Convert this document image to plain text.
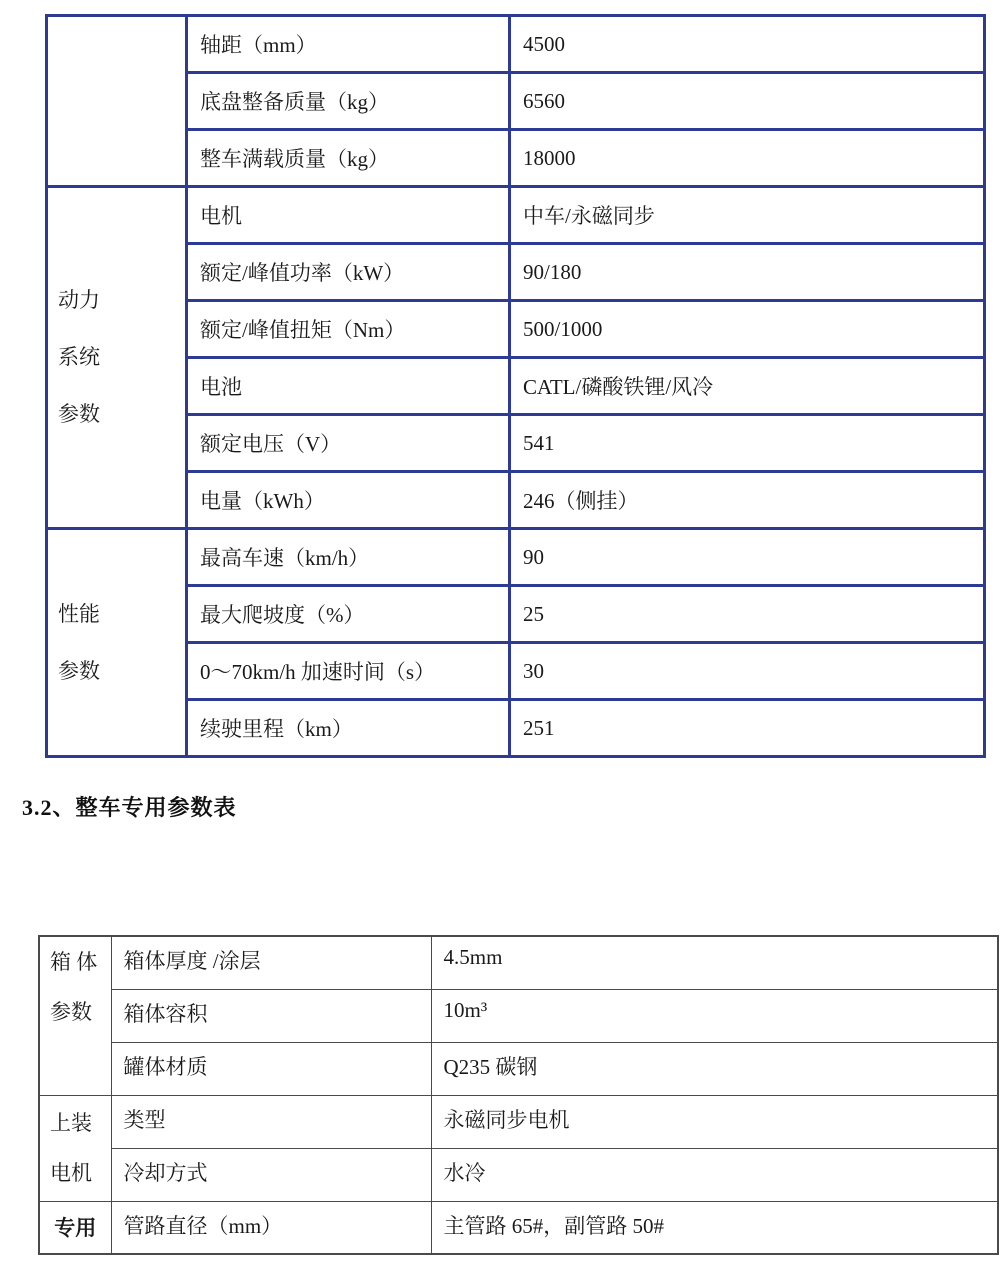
	轴距（mm）	4500
	底盘整备质量（kg）	6560
	整车满载质量（kg）	18000

动力
系统
参数	电机	中车/永磁同步
	额定/峰值功率（kW）	90/180
	额定/峰值扭矩（Nm）	500/1000
	电池	CATL/磷酸铁锂/风冷
	额定电压（V）	541
	电量（kWh）	246（侧挂）

性能
参数	最高车速（km/h）	90
	最大爬坡度（%）	25
	0～70km/h 加速时间（s）	30
	续驶里程（km）	251
3.2、整车专用参数表
箱 体
参数	箱体厚度 /涂层	4.5mm
	箱体容积	10m³
	罐体材质	Q235 碳钢

上装
电机	类型	永磁同步电机
	冷却方式	水冷
专用	管路直径（mm）	主管路 65#，副管路 50#
